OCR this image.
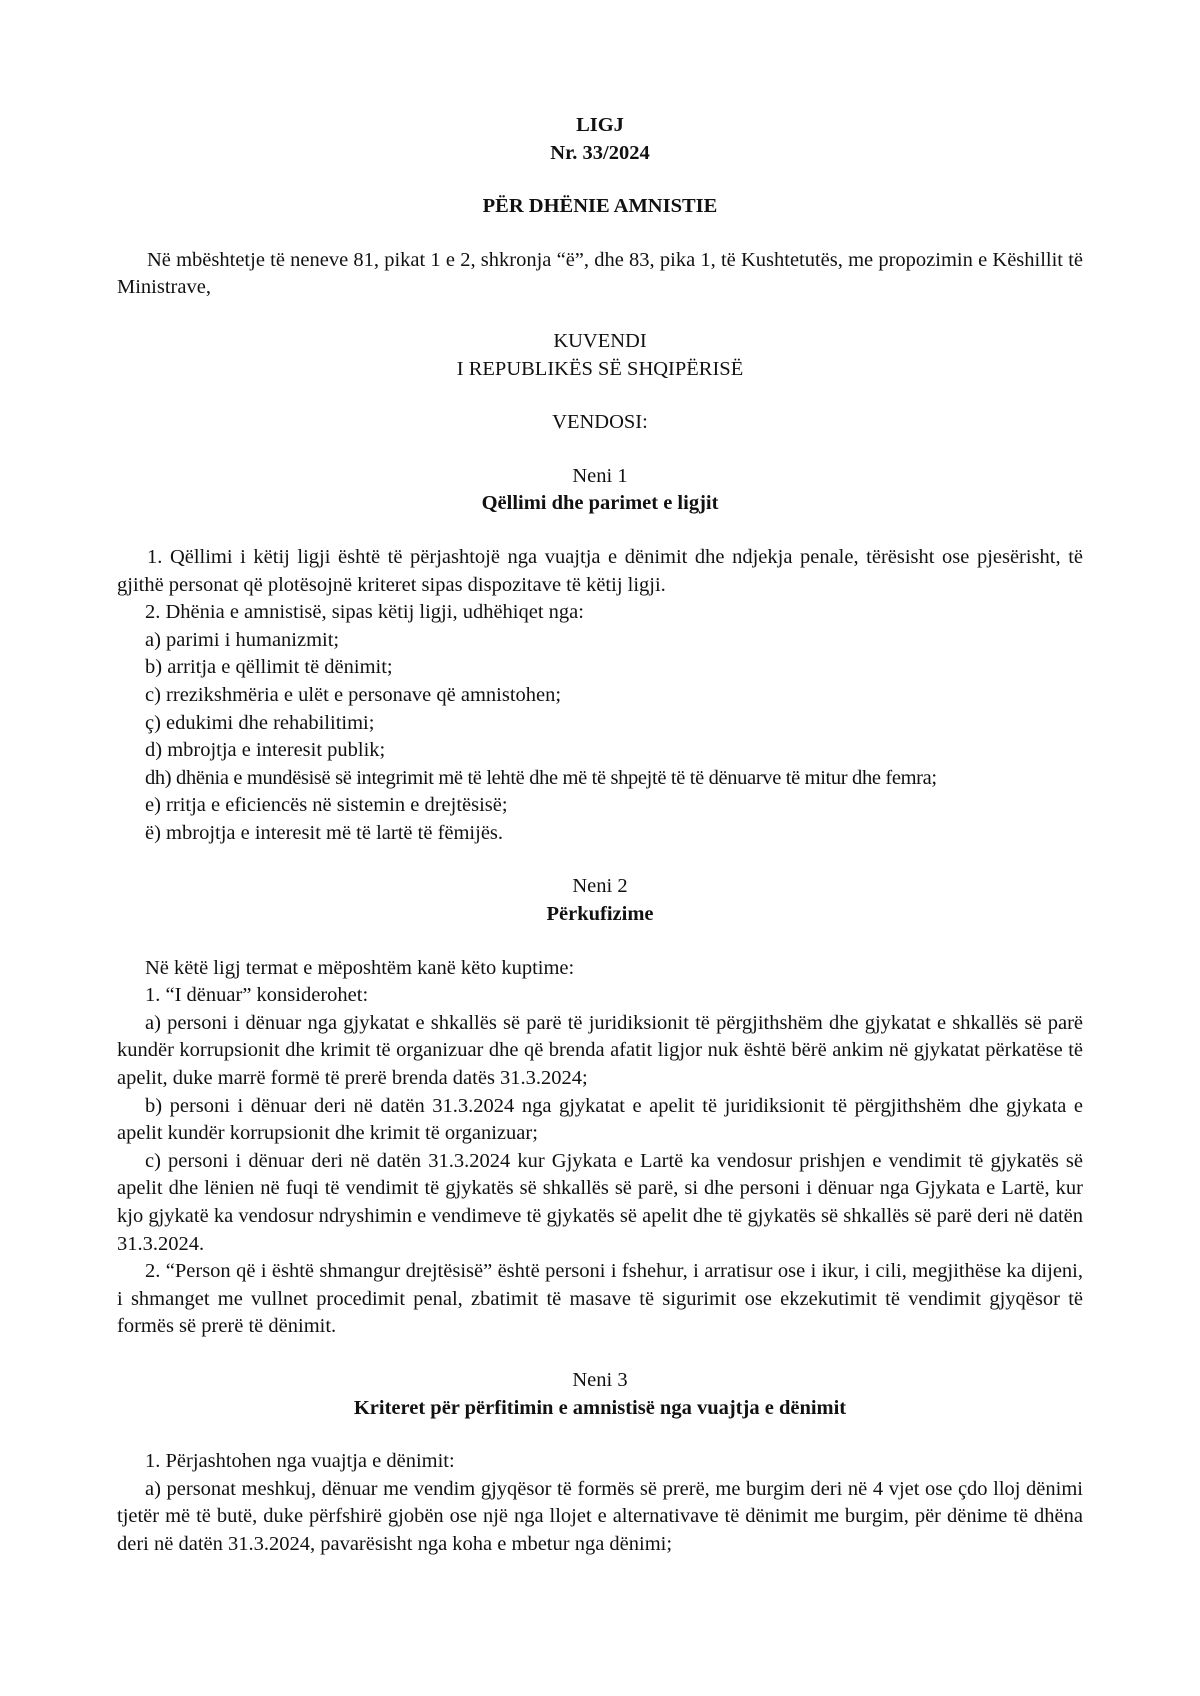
LIGJ

Nr. 33/2024

PËR DHËNIE AMNISTIE

Në mbështetje të neneve 81, pikat 1 e 2, shkronja “ë”, dhe 83, pika 1, të Kushtetutës, me propozimin e Këshillit të Ministrave,

KUVENDI

I REPUBLIKËS SË SHQIPËRISË

VENDOSI:

Neni 1

Qëllimi dhe parimet e ligjit

1. Qëllimi i këtij ligji është të përjashtojë nga vuajtja e dënimit dhe ndjekja penale, tërësisht ose pjesërisht, të gjithë personat që plotësojnë kriteret sipas dispozitave të këtij ligji.

2. Dhënia e amnistisë, sipas këtij ligji, udhëhiqet nga:

a) parimi i humanizmit;

b) arritja e qëllimit të dënimit;

c) rrezikshmëria e ulët e personave që amnistohen;

ç) edukimi dhe rehabilitimi;

d) mbrojtja e interesit publik;

dh) dhënia e mundësisë së integrimit më të lehtë dhe më të shpejtë të të dënuarve të mitur dhe femra;

e) rritja e eficiencës në sistemin e drejtësisë;

ë) mbrojtja e interesit më të lartë të fëmijës.

Neni 2

Përkufizime

Në këtë ligj termat e mëposhtëm kanë këto kuptime:

1. “I dënuar” konsiderohet:

a) personi i dënuar nga gjykatat e shkallës së parë të juridiksionit të përgjithshëm dhe gjykatat e shkallës së parë kundër korrupsionit dhe krimit të organizuar dhe që brenda afatit ligjor nuk është bërë ankim në gjykatat përkatëse të apelit, duke marrë formë të prerë brenda datës 31.3.2024;

b) personi i dënuar deri në datën 31.3.2024 nga gjykatat e apelit të juridiksionit të përgjithshëm dhe gjykata e apelit kundër korrupsionit dhe krimit të organizuar;

c) personi i dënuar deri në datën 31.3.2024 kur Gjykata e Lartë ka vendosur prishjen e vendimit të gjykatës së apelit dhe lënien në fuqi të vendimit të gjykatës së shkallës së parë, si dhe personi i dënuar nga Gjykata e Lartë, kur kjo gjykatë ka vendosur ndryshimin e vendimeve të gjykatës së apelit dhe të gjykatës së shkallës së parë deri në datën 31.3.2024.

2. “Person që i është shmangur drejtësisë” është personi i fshehur, i arratisur ose i ikur, i cili, megjithëse ka dijeni, i shmanget me vullnet procedimit penal, zbatimit të masave të sigurimit ose ekzekutimit të vendimit gjyqësor të formës së prerë të dënimit.

Neni 3

Kriteret për përfitimin e amnistisë nga vuajtja e dënimit

1. Përjashtohen nga vuajtja e dënimit:

a) personat meshkuj, dënuar me vendim gjyqësor të formës së prerë, me burgim deri në 4 vjet ose çdo lloj dënimi tjetër më të butë, duke përfshirë gjobën ose një nga llojet e alternativave të dënimit me burgim, për dënime të dhëna deri në datën 31.3.2024, pavarësisht nga koha e mbetur nga dënimi;
